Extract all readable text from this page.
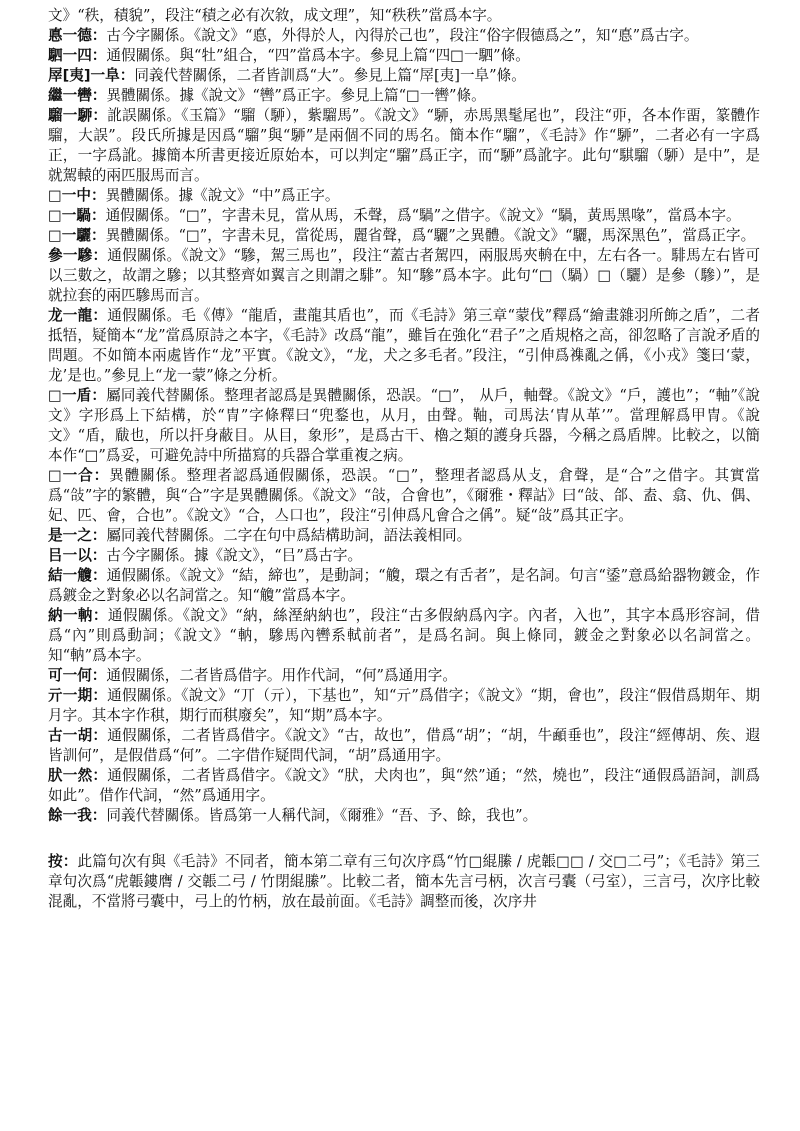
文》“秩，積貌”，段注“積之必有次敘，成文理”，知“秩秩”當爲本字。

悳一德：古今字關係。《說文》“悳，外得於人，內得於己也”，段注“俗字假德爲之”，知“悳”爲古字。

駟一四：通假關係。與“牡”組合，“四”當爲本字。參見上篇“四□一駟”條。

屖[夷]一阜：同義代替關係，二者皆訓爲“大”。參見上篇“屖[夷]一阜”條。

繼一轡：異體關係。據《說文》“轡”爲正字。參見上篇“□一轡”條。

騮一駵：訛誤關係。《玉篇》“騮（駵），紫騮馬”。《說文》“駵，赤馬黑髦尾也”，段注“丣，各本作畱，篆體作騮，大誤”。段氏所據是因爲“騮”與“駵”是兩個不同的馬名。簡本作“騮”，《毛詩》作“駵”，二者必有一字爲正，一字爲訛。據簡本所書更接近原始本，可以判定“騮”爲正字，而“駵”爲訛字。此句“騏騮（駵）是中”，是就駕轅的兩匹服馬而言。

□一中：異體關係。據《說文》“中”爲正字。

□一騧：通假關係。“□”，字書未見，當从馬，禾聲，爲“騧”之借字。《說文》“騧，黃馬黑喙”，當爲本字。

□一驪：異體關係。“□”，字書未見，當從馬，麗省聲，爲“驪”之異體。《說文》“驪，馬深黑色”，當爲正字。

參一驂：通假關係。《說文》“驂，駕三馬也”，段注“蓋古者駕四，兩服馬夾輈在中，左右各一。騑馬左右皆可以三數之，故謂之驂；以其整齊如翼言之則謂之騑”。知“驂”爲本字。此句“□（騧）□（驪）是參（驂）”，是就拉套的兩匹驂馬而言。

龙一龍：通假關係。毛《傳》“龍盾，畫龍其盾也”，而《毛詩》第三章“蒙伐”釋爲“繪畫雜羽所飾之盾”，二者抵牾，疑簡本“龙”當爲原詩之本字，《毛詩》改爲“龍”，雖旨在強化“君子”之盾規格之高，卻忽略了言說矛盾的問題。不如簡本兩處皆作“龙”平實。《說文》，“龙，犬之多毛者。”段注，“引伸爲襍亂之偁，《小戎》箋曰‘蒙，龙’是也。”參見上“龙一蒙”條之分析。

□一盾：屬同義代替關係。整理者認爲是異體關係，恐誤。“□”， 从戶，軸聲。《說文》“戶，護也”；“軸”《說文》字形爲上下結構，於“冑”字條釋曰“兜鍪也，从月，由聲。䩜，司馬法‘冑从革’”。當理解爲甲冑。《說文》“盾，瞂也，所以扞身蔽目。从目，象形”，是爲古干、櫓之類的護身兵器，今稱之爲盾牌。比較之，以簡本作“□”爲妥，可避免詩中所描寫的兵器合掌重複之病。

□一合：異體關係。整理者認爲通假關係，恐誤。“□”，整理者認爲从攴，倉聲，是“合”之借字。其實當爲“敆”字的繁體，與“合”字是異體關係。《說文》“敆，合會也”，《爾雅・釋詁》曰“敆、郃、盍、翕、仇、偶、妃、匹、會，合也”。《說文》“合，亼口也”，段注“引伸爲凡會合之偁”。疑“敆”爲其正字。

是一之：屬同義代替關係。二字在句中爲結構助詞，語法義相同。

㠯一以：古今字關係。據《說文》，“㠯”爲古字。

結一觼：通假關係。《說文》“結，締也”，是動詞；“觼，環之有舌者”，是名詞。句言“鋈”意爲給器物鍍金，作爲鍍金之對象必以名詞當之。知“觼”當爲本字。

納一軜：通假關係。《說文》“納，絲溼納納也”，段注“古多假納爲內字。內者，入也”，其字本爲形容詞，借爲“內”則爲動詞；《說文》“軜，驂馬內轡系軾前者”，是爲名詞。與上條同，鍍金之對象必以名詞當之。知“軜”爲本字。

可一何：通假關係，二者皆爲借字。用作代詞，“何”爲通用字。

亓一期：通假關係。《說文》“丌（亓），下基也”，知“亓”爲借字；《說文》“期，會也”，段注“假借爲期年、期月字。其本字作稘，期行而稘廢矣”，知“期”爲本字。

古一胡：通假關係，二者皆爲借字。《說文》“古，故也”，借爲“胡”；“胡，牛顄垂也”，段注“經傳胡、矦、遐皆訓何”，是假借爲“何”。二字借作疑問代詞，“胡”爲通用字。

肰一然：通假關係，二者皆爲借字。《說文》“肰，犬肉也”，與“然”通；“然，燒也”，段注“通假爲語詞，訓爲如此”。借作代詞，“然”爲通用字。

餘一我：同義代替關係。皆爲第一人稱代詞，《爾雅》“吾、予、餘，我也”。

按：此篇句次有與《毛詩》不同者，簡本第二章有三句次序爲“竹□緄縢 / 虎韔□□ / 交□二弓”；《毛詩》第三章句次爲“虎韔鏤膺 / 交韔二弓 / 竹閉緄縢”。比較二者，簡本先言弓柄，次言弓囊（弓室），三言弓，次序比較混亂，不當將弓囊中，弓上的竹柄，放在最前面。《毛詩》調整而後，次序井
